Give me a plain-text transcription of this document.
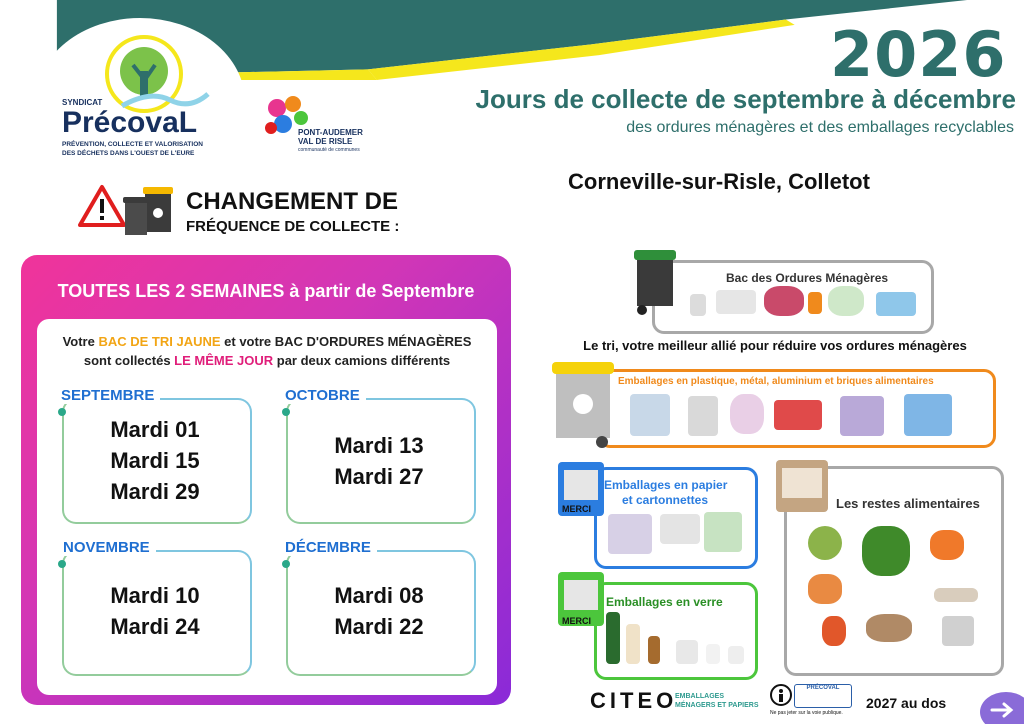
SYNDICAT
PrécovaL
PRÉVENTION, COLLECTE ET VALORISATION
DES DÉCHETS DANS L'OUEST DE L'EURE
PONT-AUDEMER
VAL DE RISLE
communauté de communes
2026
Jours de collecte de septembre à décembre
des ordures ménagères et des emballages recyclables
Corneville-sur-Risle, Colletot
CHANGEMENT DE
FRÉQUENCE DE COLLECTE :
TOUTES LES 2 SEMAINES à partir de Septembre
Votre BAC DE TRI JAUNE et votre BAC D'ORDURES MÉNAGÈRES
sont collectés LE MÊME JOUR par deux camions différents
SEPTEMBRE
Mardi 01
Mardi 15
Mardi 29
OCTOBRE
Mardi 13
Mardi 27
NOVEMBRE
Mardi 10
Mardi 24
DÉCEMBRE
Mardi 08
Mardi 22
Bac des Ordures Ménagères
Le tri, votre meilleur allié pour réduire vos ordures ménagères
Emballages en plastique, métal, aluminium et briques alimentaires
MERCI
Emballages en papier
et cartonnettes
MERCI
Emballages en verre
Les restes alimentaires
CITEO
EMBALLAGES
MÉNAGERS ET PAPIERS
PRÉCOVAL
Ne pas jeter sur la voie publique.
2027 au dos
